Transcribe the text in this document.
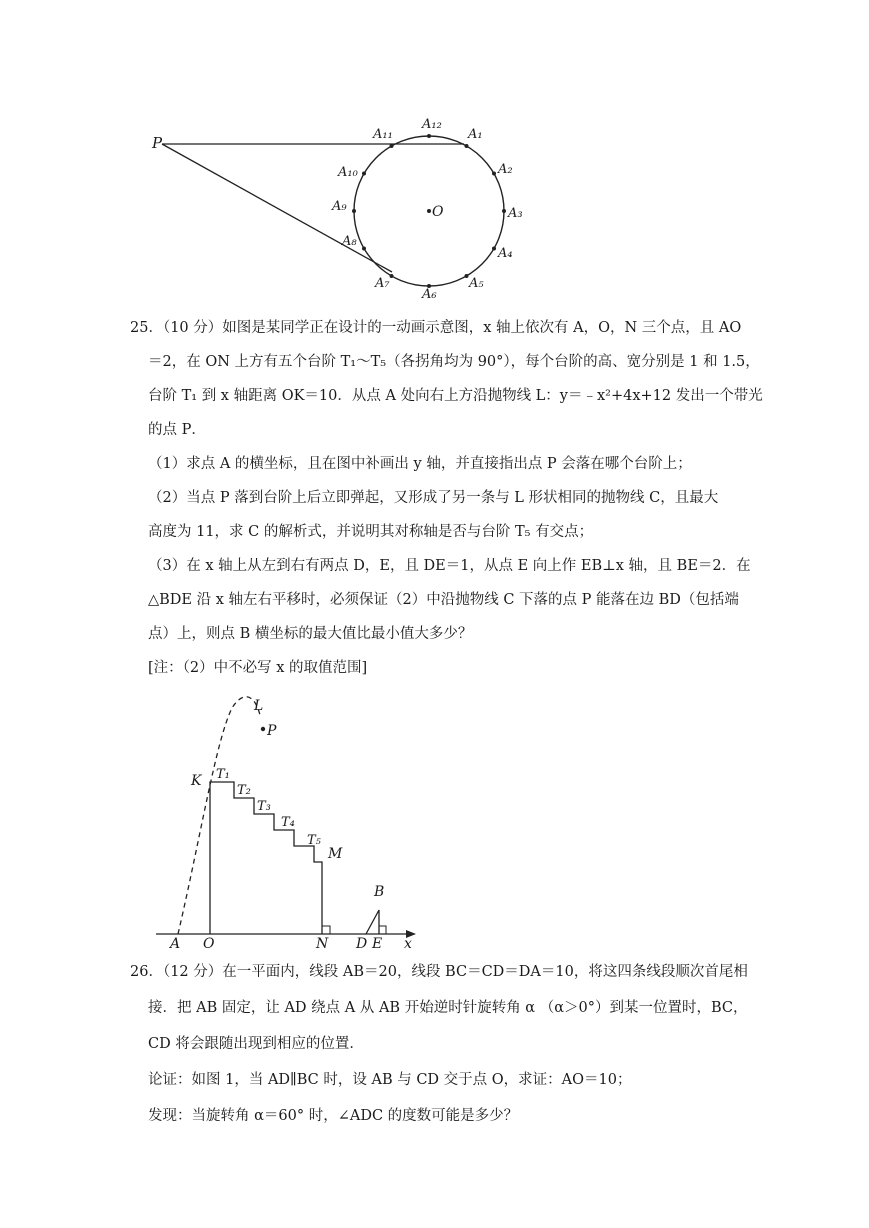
P
O
A₁₂
A₁
A₂
A₃
A₄
A₅
A₆
A₇
A₈
A₉
A₁₀
A₁₁
25．（10 分）如图是某同学正在设计的一动画示意图，x 轴上依次有 A，O，N 三个点，且 AO
＝2，在 ON 上方有五个台阶 T₁～T₅（各拐角均为 90°），每个台阶的高、宽分别是 1 和 1.5，
台阶 T₁ 到 x 轴距离 OK＝10．从点 A 处向右上方沿抛物线 L：y＝﹣x²+4x+12 发出一个带光
的点 P．
（1）求点 A 的横坐标，且在图中补画出 y 轴，并直接指出点 P 会落在哪个台阶上；
（2）当点 P 落到台阶上后立即弹起，又形成了另一条与 L 形状相同的抛物线 C，且最大
高度为 11，求 C 的解析式，并说明其对称轴是否与台阶 T₅ 有交点；
（3）在 x 轴上从左到右有两点 D，E，且 DE＝1，从点 E 向上作 EB⊥x 轴，且 BE＝2．在
△BDE 沿 x 轴左右平移时，必须保证（2）中沿抛物线 C 下落的点 P 能落在边 BD（包括端
点）上，则点 B 横坐标的最大值比最小值大多少？
[注：（2）中不必写 x 的取值范围]
L
P
K T₁
T₂
T₃
T₄
T₅
M
B
A O	N D E x
26．（12 分）在一平面内，线段 AB＝20，线段 BC＝CD＝DA＝10，将这四条线段顺次首尾相
接．把 AB 固定，让 AD 绕点 A 从 AB 开始逆时针旋转角 α （α＞0°）到某一位置时，BC，
CD 将会跟随出现到相应的位置．
论证：如图 1，当 AD∥BC 时，设 AB 与 CD 交于点 O，求证：AO＝10；
发现：当旋转角 α＝60° 时，∠ADC 的度数可能是多少？
